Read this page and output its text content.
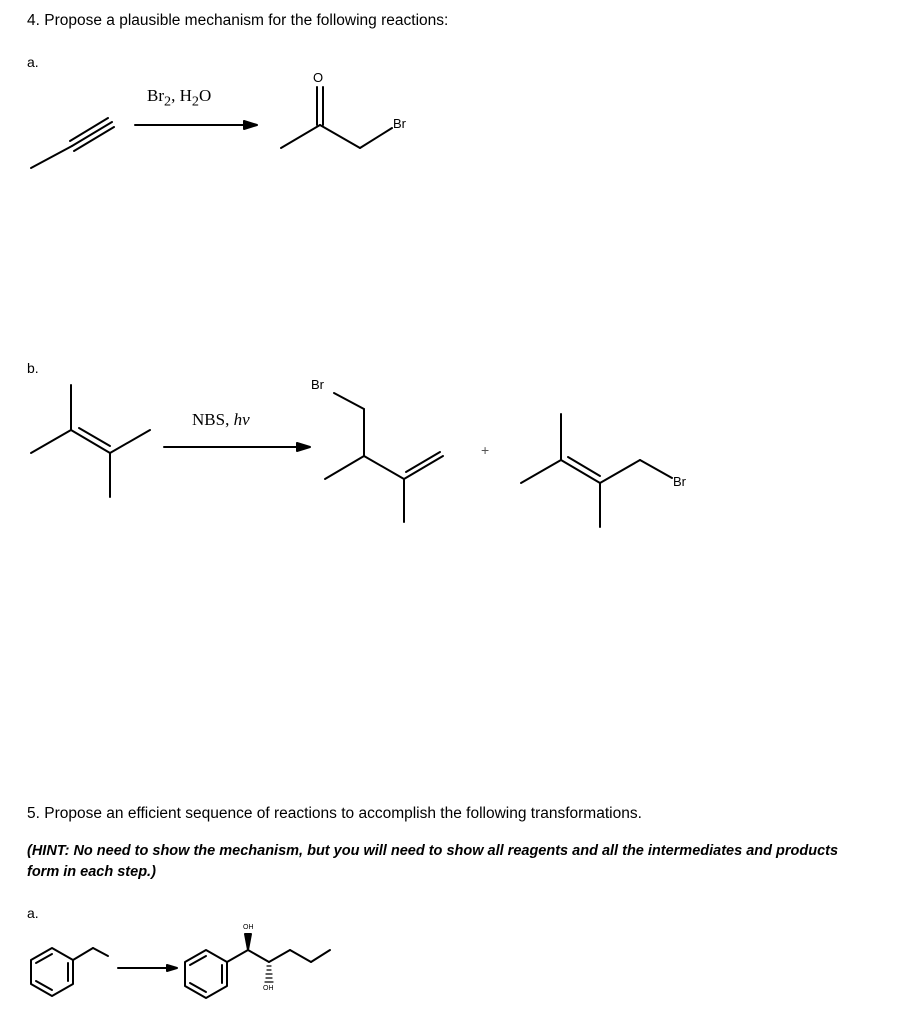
4. Propose a plausible mechanism for the following reactions:
a.
$Br_2$, $H_2O$
O
Br
b.
NBS, hv
Br
+
Br
5. Propose an efficient sequence of reactions to accomplish the following transformations.
(HINT: No need to show the mechanism, but you will need to show all reagents and all the intermediates and products
form in each step.)
a.
OH
OH
